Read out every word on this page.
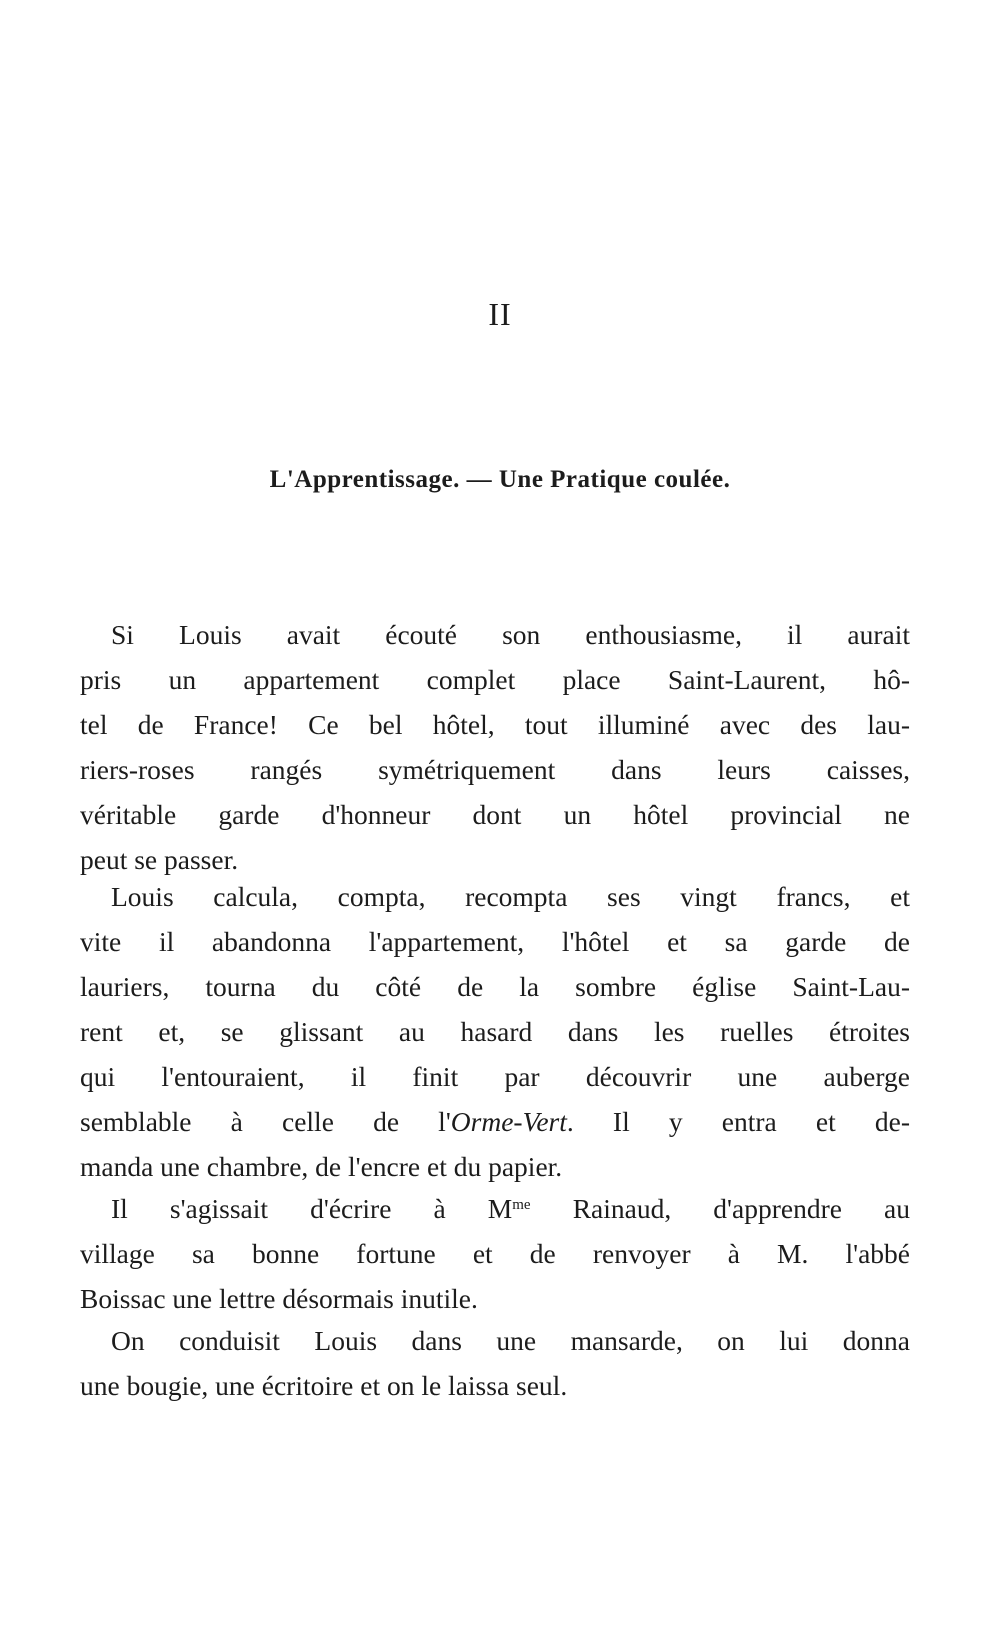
II
L'Apprentissage. — Une Pratique coulée.
Si Louis avait écouté son enthousiasme, il aurait
pris un appartement complet place Saint-Laurent, hô-
tel de France! Ce bel hôtel, tout illuminé avec des lau-
riers-roses rangés symétriquement dans leurs caisses,
véritable garde d'honneur dont un hôtel provincial ne
peut se passer.
Louis calcula, compta, recompta ses vingt francs, et
vite il abandonna l'appartement, l'hôtel et sa garde de
lauriers, tourna du côté de la sombre église Saint-Lau-
rent et, se glissant au hasard dans les ruelles étroites
qui l'entouraient, il finit par découvrir une auberge
semblable à celle de l'Orme-Vert. Il y entra et de-
manda une chambre, de l'encre et du papier.
Il s'agissait d'écrire à $M^{me}$ Rainaud, d'apprendre au
village sa bonne fortune et de renvoyer à M. l'abbé
Boissac une lettre désormais inutile.
On conduisit Louis dans une mansarde, on lui donna
une bougie, une écritoire et on le laissa seul.
